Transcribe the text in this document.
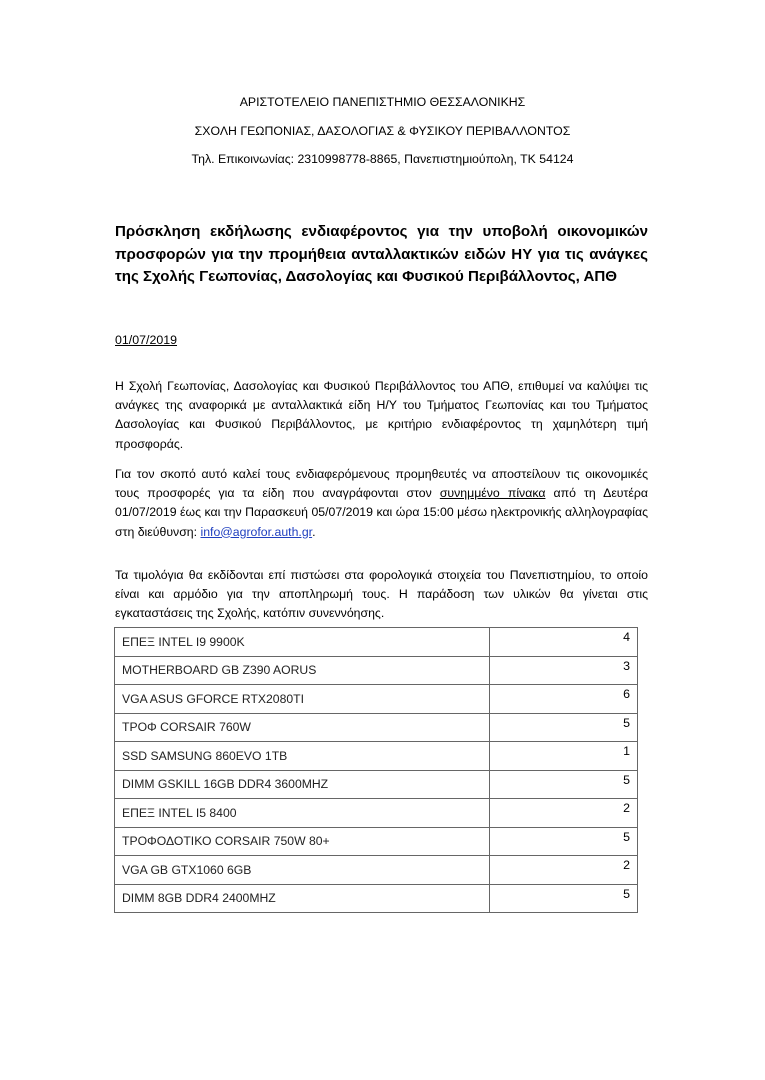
ΑΡΙΣΤΟΤΕΛΕΙΟ ΠΑΝΕΠΙΣΤΗΜΙΟ ΘΕΣΣΑΛΟΝΙΚΗΣ
ΣΧΟΛΗ ΓΕΩΠΟΝΙΑΣ, ΔΑΣΟΛΟΓΙΑΣ & ΦΥΣΙΚΟΥ ΠΕΡΙΒΑΛΛΟΝΤΟΣ
Τηλ. Επικοινωνίας: 2310998778-8865, Πανεπιστημιούπολη, ΤΚ 54124
Πρόσκληση εκδήλωσης ενδιαφέροντος για την υποβολή οικονομικών προσφορών για την προμήθεια ανταλλακτικών ειδών ΗΥ για τις ανάγκες της Σχολής Γεωπονίας, Δασολογίας και Φυσικού Περιβάλλοντος, ΑΠΘ
01/07/2019
Η Σχολή Γεωπονίας, Δασολογίας και Φυσικού Περιβάλλοντος του ΑΠΘ, επιθυμεί να καλύψει τις ανάγκες της αναφορικά με ανταλλακτικά είδη Η/Υ του Τμήματος Γεωπονίας και του Τμήματος Δασολογίας και Φυσικού Περιβάλλοντος, με κριτήριο ενδιαφέροντος τη χαμηλότερη τιμή προσφοράς.
Για τον σκοπό αυτό καλεί τους ενδιαφερόμενους προμηθευτές να αποστείλουν τις οικονομικές τους προσφορές για τα είδη που αναγράφονται στον συνημμένο πίνακα από τη Δευτέρα 01/07/2019 έως και την Παρασκευή 05/07/2019 και ώρα 15:00 μέσω ηλεκτρονικής αλληλογραφίας στη διεύθυνση: info@agrofor.auth.gr.
Τα τιμολόγια θα εκδίδονται επί πιστώσει στα φορολογικά στοιχεία του Πανεπιστημίου, το οποίο είναι και αρμόδιο για την αποπληρωμή τους. Η παράδοση των υλικών θα γίνεται στις εγκαταστάσεις της Σχολής, κατόπιν συνεννόησης.
ΕΠΕΞ INTEL I9 9900K	4
MOTHERBOARD GB Z390 AORUS	3
VGA ASUS GFORCE RTX2080TI	6
ΤΡΟΦ CORSAIR 760W	5
SSD SAMSUNG 860EVO 1TB	1
DIMM GSKILL 16GB DDR4 3600MHZ	5
ΕΠΕΞ INTEL I5 8400	2
ΤΡΟΦΟΔΟΤΙΚΟ CORSAIR 750W 80+	5
VGA GB GTX1060 6GB	2
DIMM 8GB DDR4 2400MHZ	5
